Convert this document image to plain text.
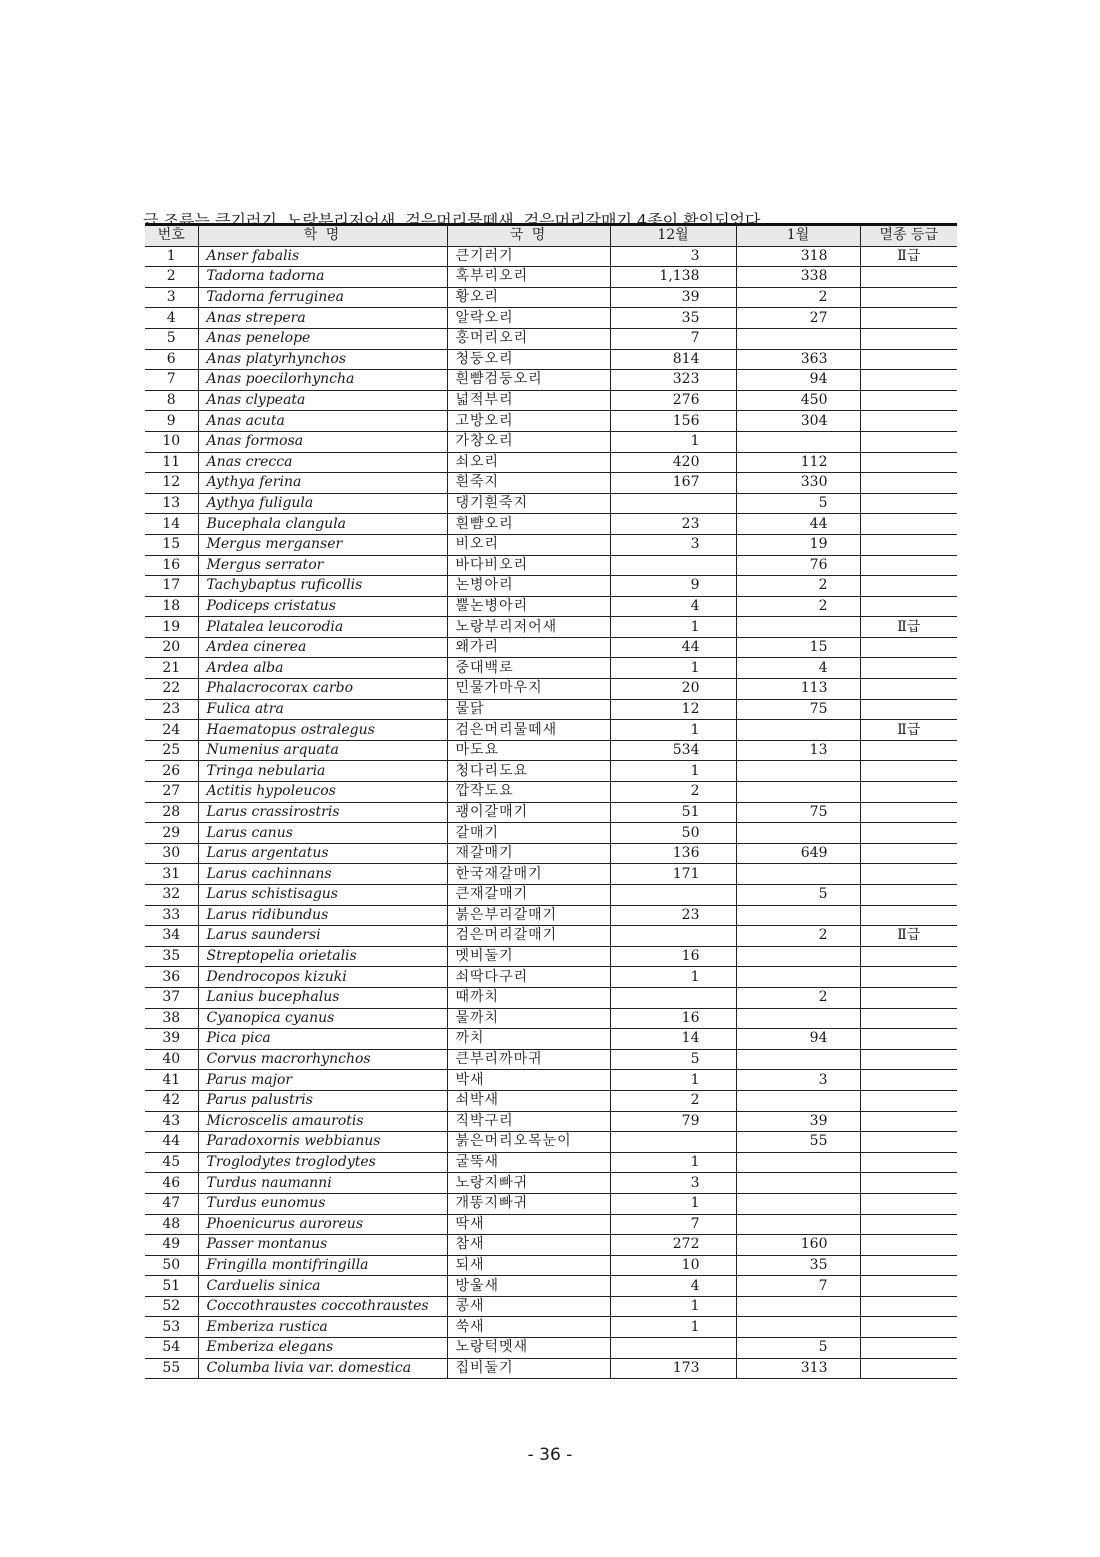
급 조류는 큰기러기, 노랑부리저어새, 검은머리물떼새, 검은머리갈매기 4종이 확인되었다.

번호	학 명	국 명	12월	1월	멸종 등급
1	Anser fabalis	큰기러기	3	318	Ⅱ급
2	Tadorna tadorna	혹부리오리	1,138	338	
3	Tadorna ferruginea	황오리	39	2	
4	Anas strepera	알락오리	35	27	
5	Anas penelope	홍머리오리	7		
6	Anas platyrhynchos	청둥오리	814	363	
7	Anas poecilorhyncha	흰뺨검둥오리	323	94	
8	Anas clypeata	넓적부리	276	450	
9	Anas acuta	고방오리	156	304	
10	Anas formosa	가창오리	1		
11	Anas crecca	쇠오리	420	112	
12	Aythya ferina	흰죽지	167	330	
13	Aythya fuligula	댕기흰죽지		5	
14	Bucephala clangula	흰뺨오리	23	44	
15	Mergus merganser	비오리	3	19	
16	Mergus serrator	바다비오리		76	
17	Tachybaptus ruficollis	논병아리	9	2	
18	Podiceps cristatus	뿔논병아리	4	2	
19	Platalea leucorodia	노랑부리저어새	1		Ⅱ급
20	Ardea cinerea	왜가리	44	15	
21	Ardea alba	중대백로	1	4	
22	Phalacrocorax carbo	민물가마우지	20	113	
23	Fulica atra	물닭	12	75	
24	Haematopus ostralegus	검은머리물떼새	1		Ⅱ급
25	Numenius arquata	마도요	534	13	
26	Tringa nebularia	청다리도요	1		
27	Actitis hypoleucos	깝작도요	2		
28	Larus crassirostris	괭이갈매기	51	75	
29	Larus canus	갈매기	50		
30	Larus argentatus	재갈매기	136	649	
31	Larus cachinnans	한국재갈매기	171		
32	Larus schistisagus	큰재갈매기		5	
33	Larus ridibundus	붉은부리갈매기	23		
34	Larus saundersi	검은머리갈매기		2	Ⅱ급
35	Streptopelia orietalis	멧비둘기	16		
36	Dendrocopos kizuki	쇠딱다구리	1		
37	Lanius bucephalus	때까치		2	
38	Cyanopica cyanus	물까치	16		
39	Pica pica	까치	14	94	
40	Corvus macrorhynchos	큰부리까마귀	5		
41	Parus major	박새	1	3	
42	Parus palustris	쇠박새	2		
43	Microscelis amaurotis	직박구리	79	39	
44	Paradoxornis webbianus	붉은머리오목눈이		55	
45	Troglodytes troglodytes	굴뚝새	1		
46	Turdus naumanni	노랑지빠귀	3		
47	Turdus eunomus	개똥지빠귀	1		
48	Phoenicurus auroreus	딱새	7		
49	Passer montanus	참새	272	160	
50	Fringilla montifringilla	되새	10	35	
51	Carduelis sinica	방울새	4	7	
52	Coccothraustes coccothraustes	콩새	1		
53	Emberiza rustica	쑥새	1		
54	Emberiza elegans	노랑턱멧새		5	
55	Columba livia var. domestica	집비둘기	173	313	
- 36 -
